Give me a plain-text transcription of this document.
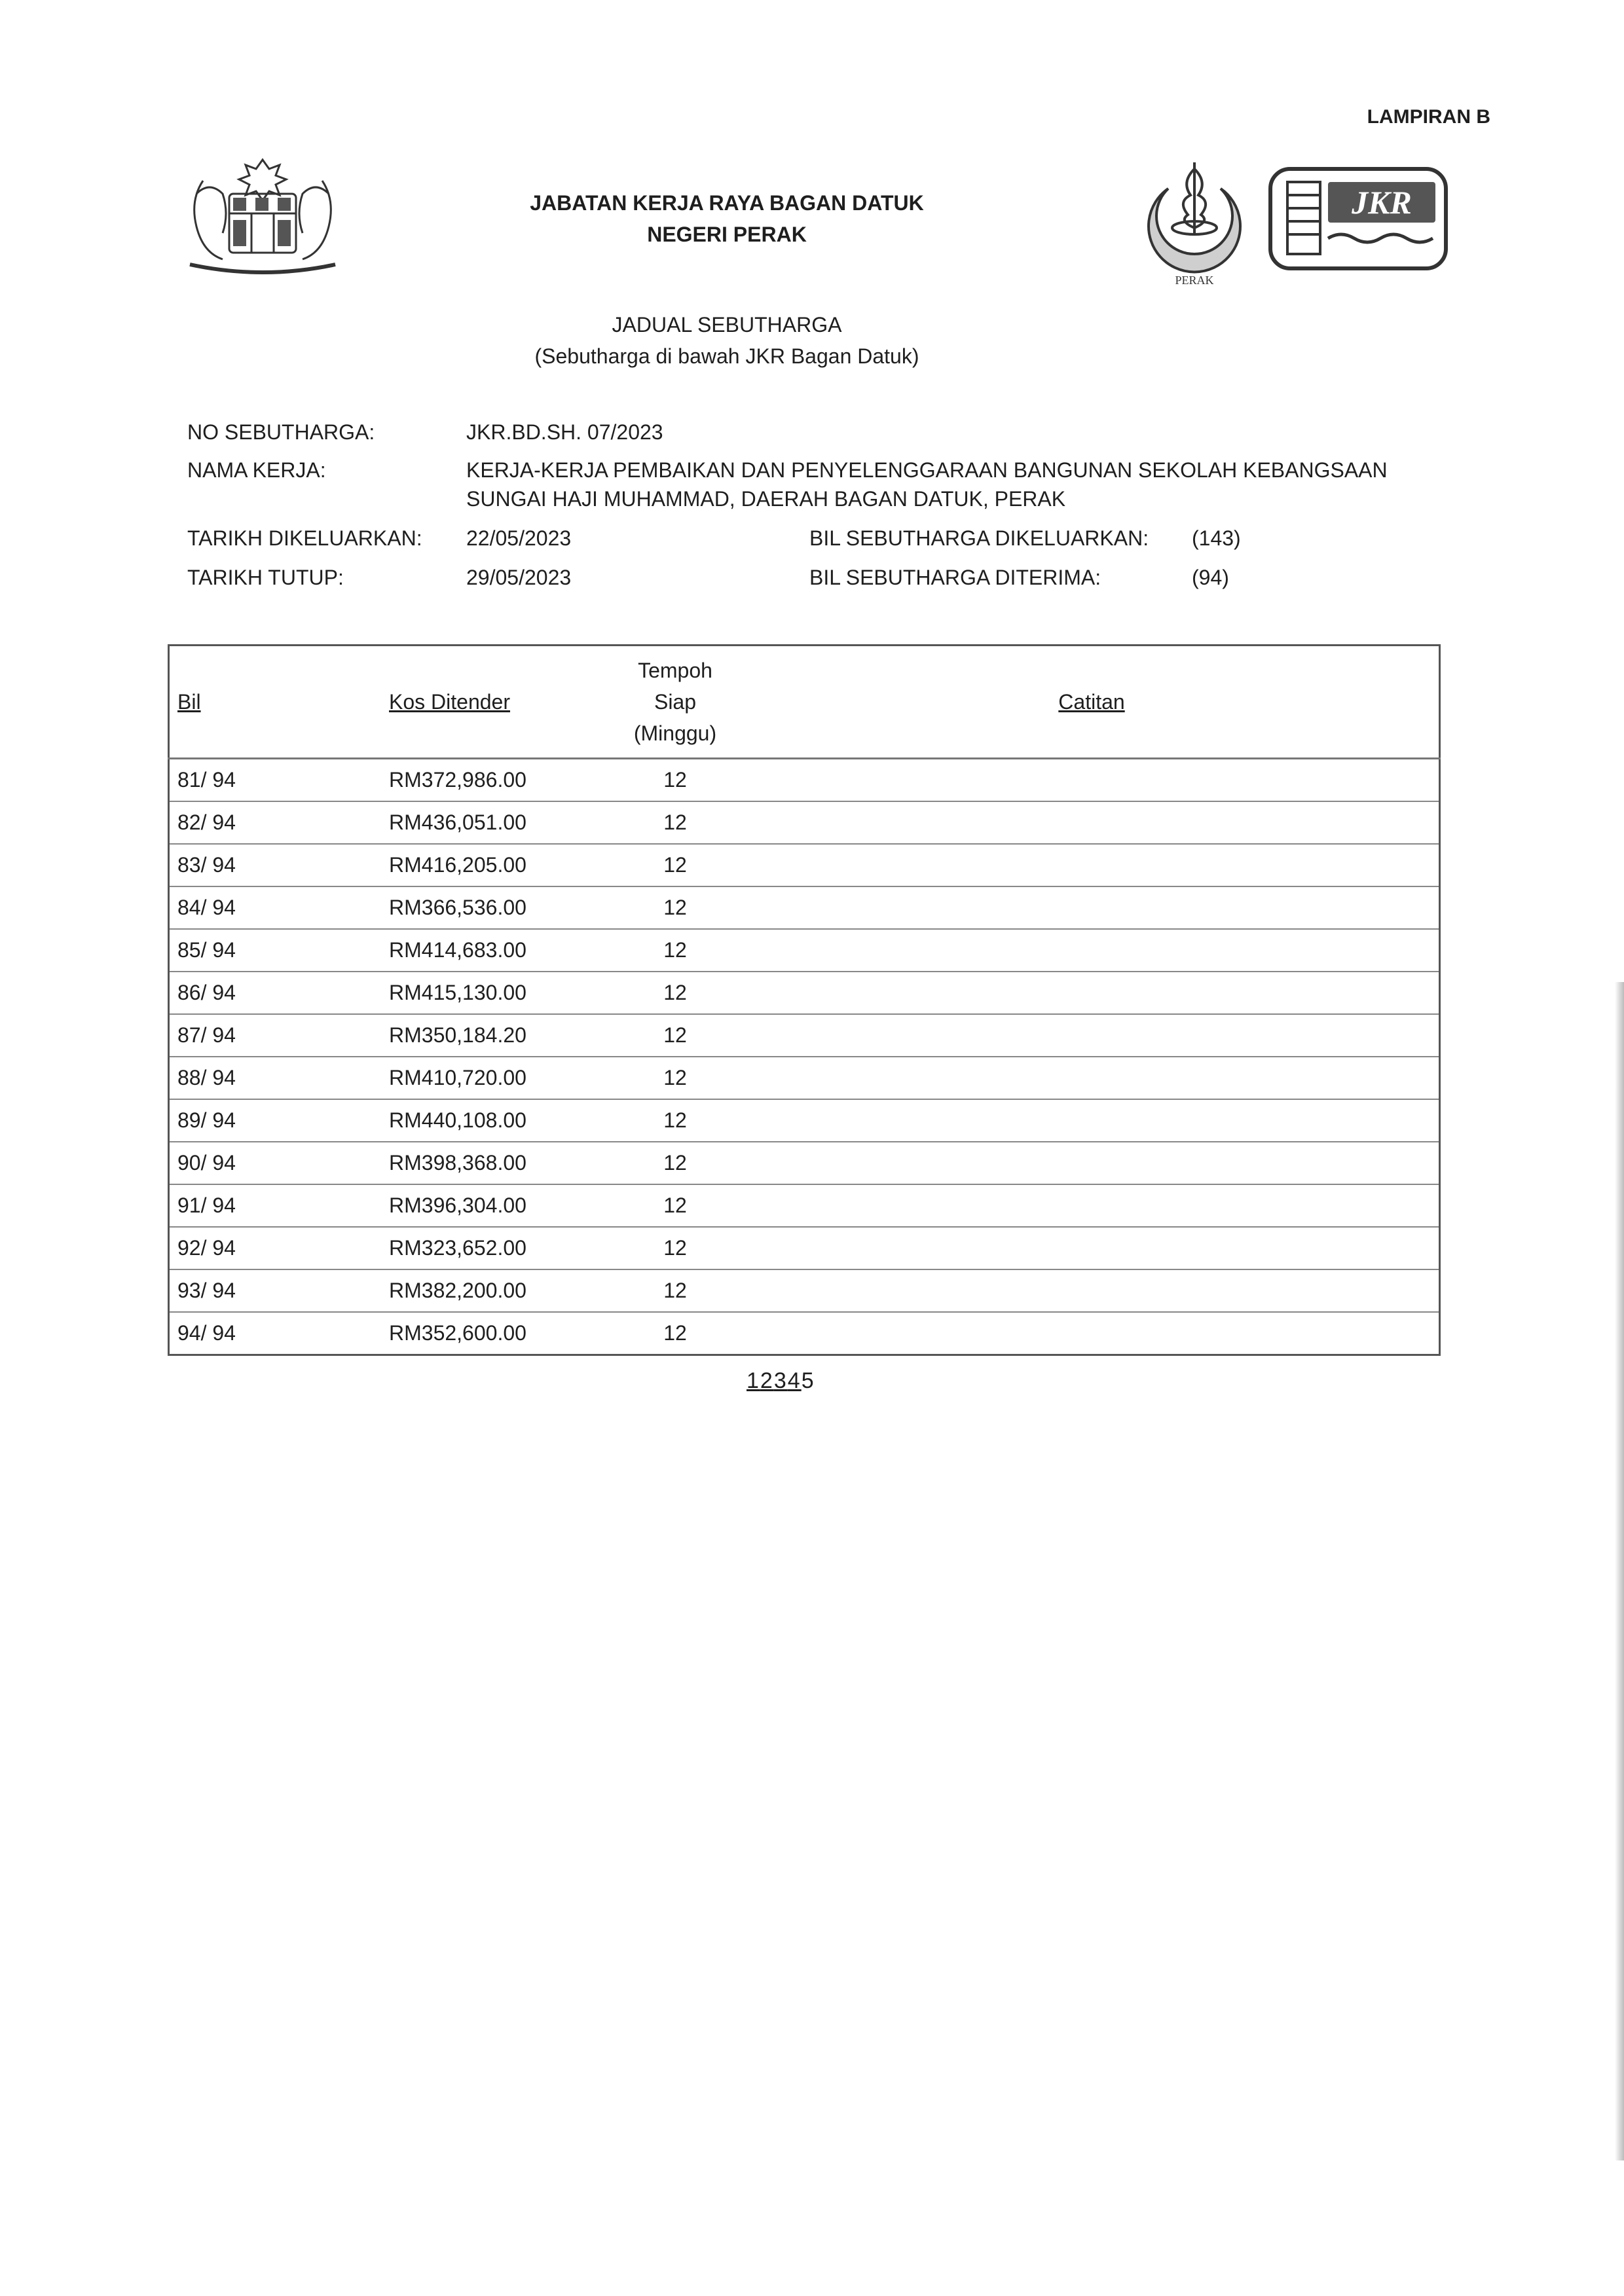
LAMPIRAN B
JABATAN KERJA RAYA BAGAN DATUK
NEGERI PERAK
PERAK
JKR
JADUAL SEBUTHARGA
(Sebutharga di bawah JKR Bagan Datuk)
NO SEBUTHARGA:	JKR.BD.SH. 07/2023
NAMA KERJA:	KERJA-KERJA PEMBAIKAN DAN PENYELENGGARAAN BANGUNAN SEKOLAH KEBANGSAAN
SUNGAI HAJI MUHAMMAD, DAERAH BAGAN DATUK, PERAK
TARIKH DIKELUARKAN: 22/05/2023	BIL SEBUTHARGA DIKELUARKAN: (143)
TARIKH TUTUP:	29/05/2023	BIL SEBUTHARGA DITERIMA:	(94)
Bil	Kos Ditender	Tempoh
Siap
(Minggu)	Catitan
81/ 94	RM372,986.00	12	
82/ 94	RM436,051.00	12	
83/ 94	RM416,205.00	12	
84/ 94	RM366,536.00	12	
85/ 94	RM414,683.00	12	
86/ 94	RM415,130.00	12	
87/ 94	RM350,184.20	12	
88/ 94	RM410,720.00	12	
89/ 94	RM440,108.00	12	
90/ 94	RM398,368.00	12	
91/ 94	RM396,304.00	12	
92/ 94	RM323,652.00	12	
93/ 94	RM382,200.00	12	
94/ 94	RM352,600.00	12	
12345
